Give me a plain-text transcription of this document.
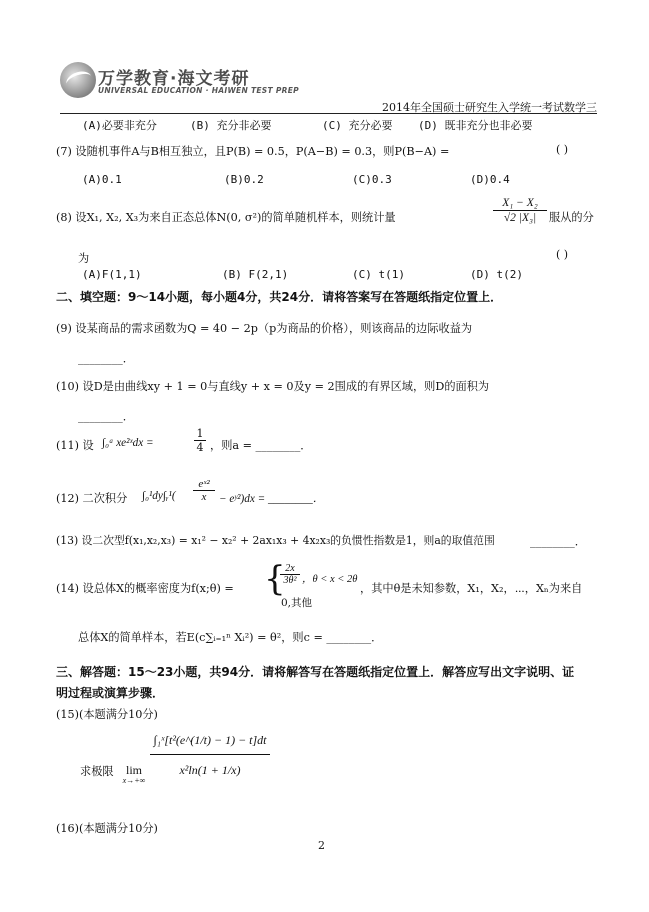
万学教育·海文考研
UNIVERSAL EDUCATION · HAIWEN TEST PREP
2014年全国硕士研究生入学统一考试数学三
(A)必要非充分	(B) 充分非必要	(C) 充分必要 (D) 既非充分也非必要
(7) 设随机事件A与B相互独立，且P(B) = 0.5，P(A−B) = 0.3，则P(B−A) =	( )
(A)0.1	(B)0.2	(C)0.3	(D)0.4
(8) 设X₁, X₂, X₃为来自正态总体N(0, σ²)的简单随机样本，则统计量	$\frac{\text{X₁ − X₂}}{\text{√2 |X₃|}}$ 服从的分
为	( )
(A)F(1,1)	(B) F(2,1)	(C) t(1)	(D) t(2)
二、填空题：9～14小题，每小题4分，共24分．请将答案写在答题纸指定位置上．
(9) 设某商品的需求函数为Q = 40 − 2p（p为商品的价格），则该商品的边际收益为
________．
(10) 设D是由曲线xy + 1 = 0与直线y + x = 0及y = 2围成的有界区域，则D的面积为
________．
(11) 设 ∫₀ᵃ xe²ˣdx =	$\frac{1}{4}$ ，则a = ________．
(12) 二次积分 ∫₀¹dy∫ᵧ¹( $\frac{\text{eˣ²}}{x}$ − eʸ²)dx = ________．
(13) 设二次型f(x₁,x₂,x₃) = x₁² − x₂² + 2ax₁x₃ + 4x₂x₃的负惯性指数是1，则a的取值范围	________．
(14) 设总体X的概率密度为f(x;θ) = {
$\frac{2x}{\text{3θ²}}$ ，θ < x < 2θ
0,其他
，其中θ是未知参数，X₁，X₂，⋯，Xₙ为来自
总体X的简单样本，若E(c∑ᵢ₌₁ⁿ Xᵢ²) = θ²，则c = ________．
三、解答题：15～23小题，共94分．请将解答写在答题纸指定位置上．解答应写出文字说明、证
明过程或演算步骤．
(15)(本题满分10分)
求极限	lim
x→+∞
$\frac{\text{∫₁ˣ[t²(e\textasciicircum{}(1/t) − 1) − t]dt}}{\text{x²ln(1 + 1/x)}}$
(16)(本题满分10分)
2
